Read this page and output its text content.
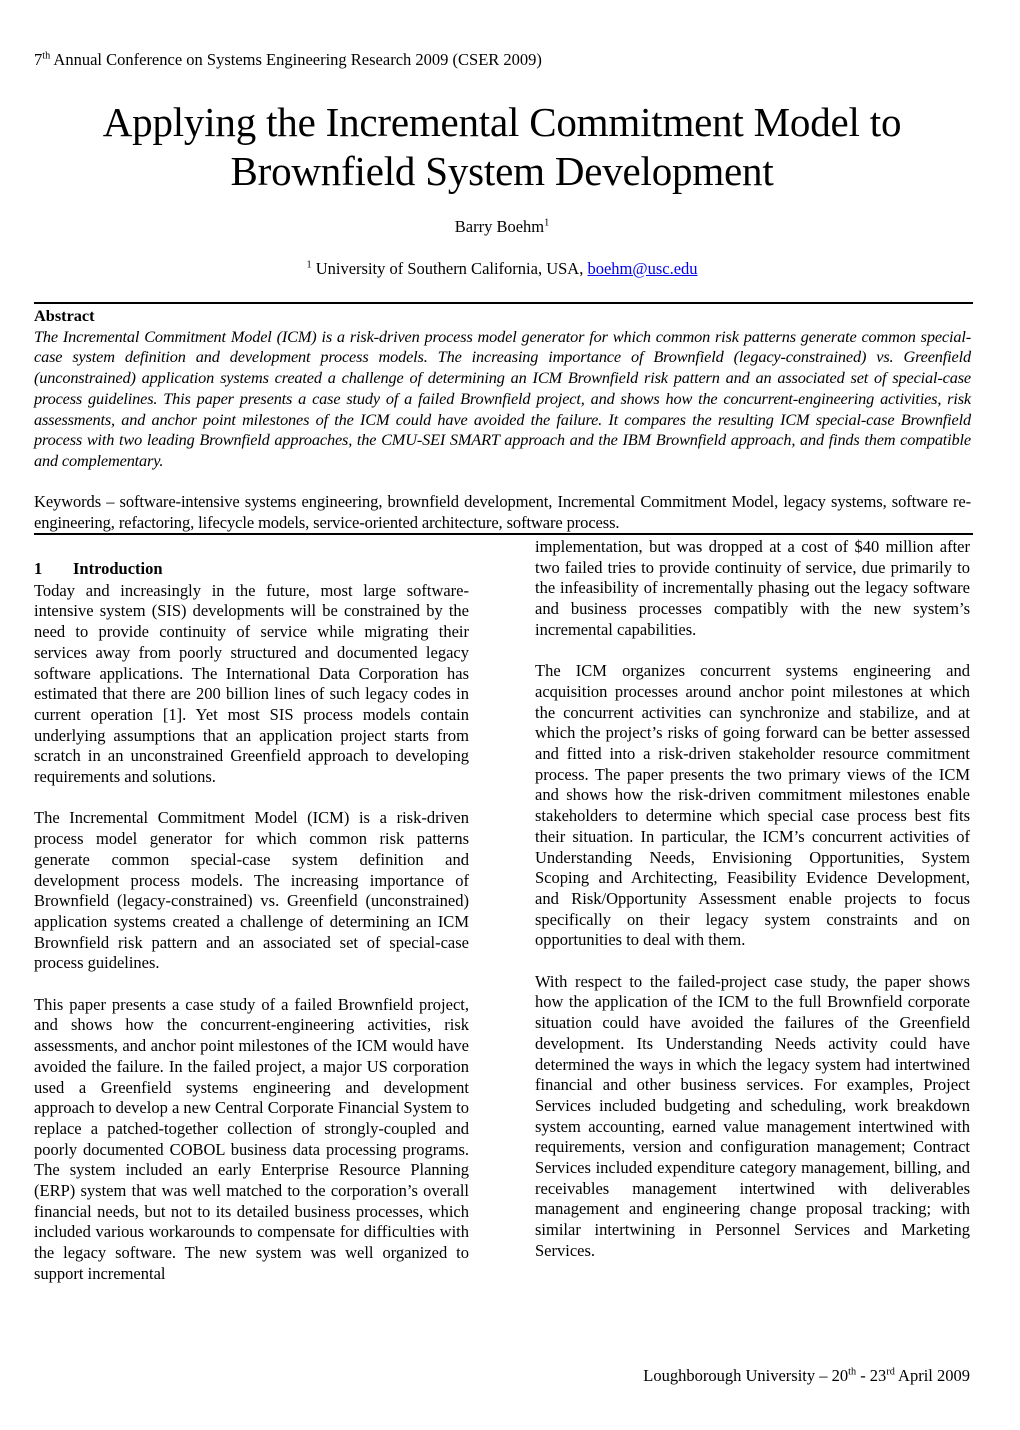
7th Annual Conference on Systems Engineering Research 2009 (CSER 2009)
Applying the Incremental Commitment Model to
Brownfield System Development
Barry Boehm$^1$
$^1$ University of Southern California, USA, boehm@usc.edu
Abstract
The Incremental Commitment Model (ICM) is a risk-driven process model generator for which common risk patterns generate common special-case system definition and development process models. The increasing importance of Brownfield (legacy-constrained) vs. Greenfield (unconstrained) application systems created a challenge of determining an ICM Brownfield risk pattern and an associated set of special-case process guidelines. This paper presents a case study of a failed Brownfield project, and shows how the concurrent-engineering activities, risk assessments, and anchor point milestones of the ICM could have avoided the failure. It compares the resulting ICM special-case Brownfield process with two leading Brownfield approaches, the CMU-SEI SMART approach and the IBM Brownfield approach, and finds them compatible and complementary.
Keywords – software-intensive systems engineering, brownfield development, Incremental Commitment Model, legacy systems, software re-engineering, refactoring, lifecycle models, service-oriented architecture, software process.
1 Introduction

Today and increasingly in the future, most large software-intensive system (SIS) developments will be constrained by the need to provide continuity of service while migrating their services away from poorly structured and documented legacy software applications. The International Data Corporation has estimated that there are 200 billion lines of such legacy codes in current operation [1]. Yet most SIS process models contain underlying assumptions that an application project starts from scratch in an unconstrained Greenfield approach to developing requirements and solutions.

The Incremental Commitment Model (ICM) is a risk-driven process model generator for which common risk patterns generate common special-case system definition and development process models. The increasing importance of Brownfield (legacy-constrained) vs. Greenfield (unconstrained) application systems created a challenge of determining an ICM Brownfield risk pattern and an associated set of special-case process guidelines.

This paper presents a case study of a failed Brownfield project, and shows how the concurrent-engineering activities, risk assessments, and anchor point milestones of the ICM would have avoided the failure. In the failed project, a major US corporation used a Greenfield systems engineering and development approach to develop a new Central Corporate Financial System to replace a patched-together collection of strongly-coupled and poorly documented COBOL business data processing programs. The system included an early Enterprise Resource Planning (ERP) system that was well matched to the corporation’s overall financial needs, but not to its detailed business processes, which included various workarounds to compensate for difficulties with the legacy software. The new system was well organized to support incremental

implementation, but was dropped at a cost of $40 million after two failed tries to provide continuity of service, due primarily to the infeasibility of incrementally phasing out the legacy software and business processes compatibly with the new system’s incremental capabilities.

The ICM organizes concurrent systems engineering and acquisition processes around anchor point milestones at which the concurrent activities can synchronize and stabilize, and at which the project’s risks of going forward can be better assessed and fitted into a risk-driven stakeholder resource commitment process. The paper presents the two primary views of the ICM and shows how the risk-driven commitment milestones enable stakeholders to determine which special case process best fits their situation. In particular, the ICM’s concurrent activities of Understanding Needs, Envisioning Opportunities, System Scoping and Architecting, Feasibility Evidence Development, and Risk/Opportunity Assessment enable projects to focus specifically on their legacy system constraints and on opportunities to deal with them.

With respect to the failed-project case study, the paper shows how the application of the ICM to the full Brownfield corporate situation could have avoided the failures of the Greenfield development. Its Understanding Needs activity could have determined the ways in which the legacy system had intertwined financial and other business services. For examples, Project Services included budgeting and scheduling, work breakdown system accounting, earned value management intertwined with requirements, version and configuration management; Contract Services included expenditure category management, billing, and receivables management intertwined with deliverables management and engineering change proposal tracking; with similar intertwining in Personnel Services and Marketing Services.

Loughborough University – 20th - 23rd April 2009
